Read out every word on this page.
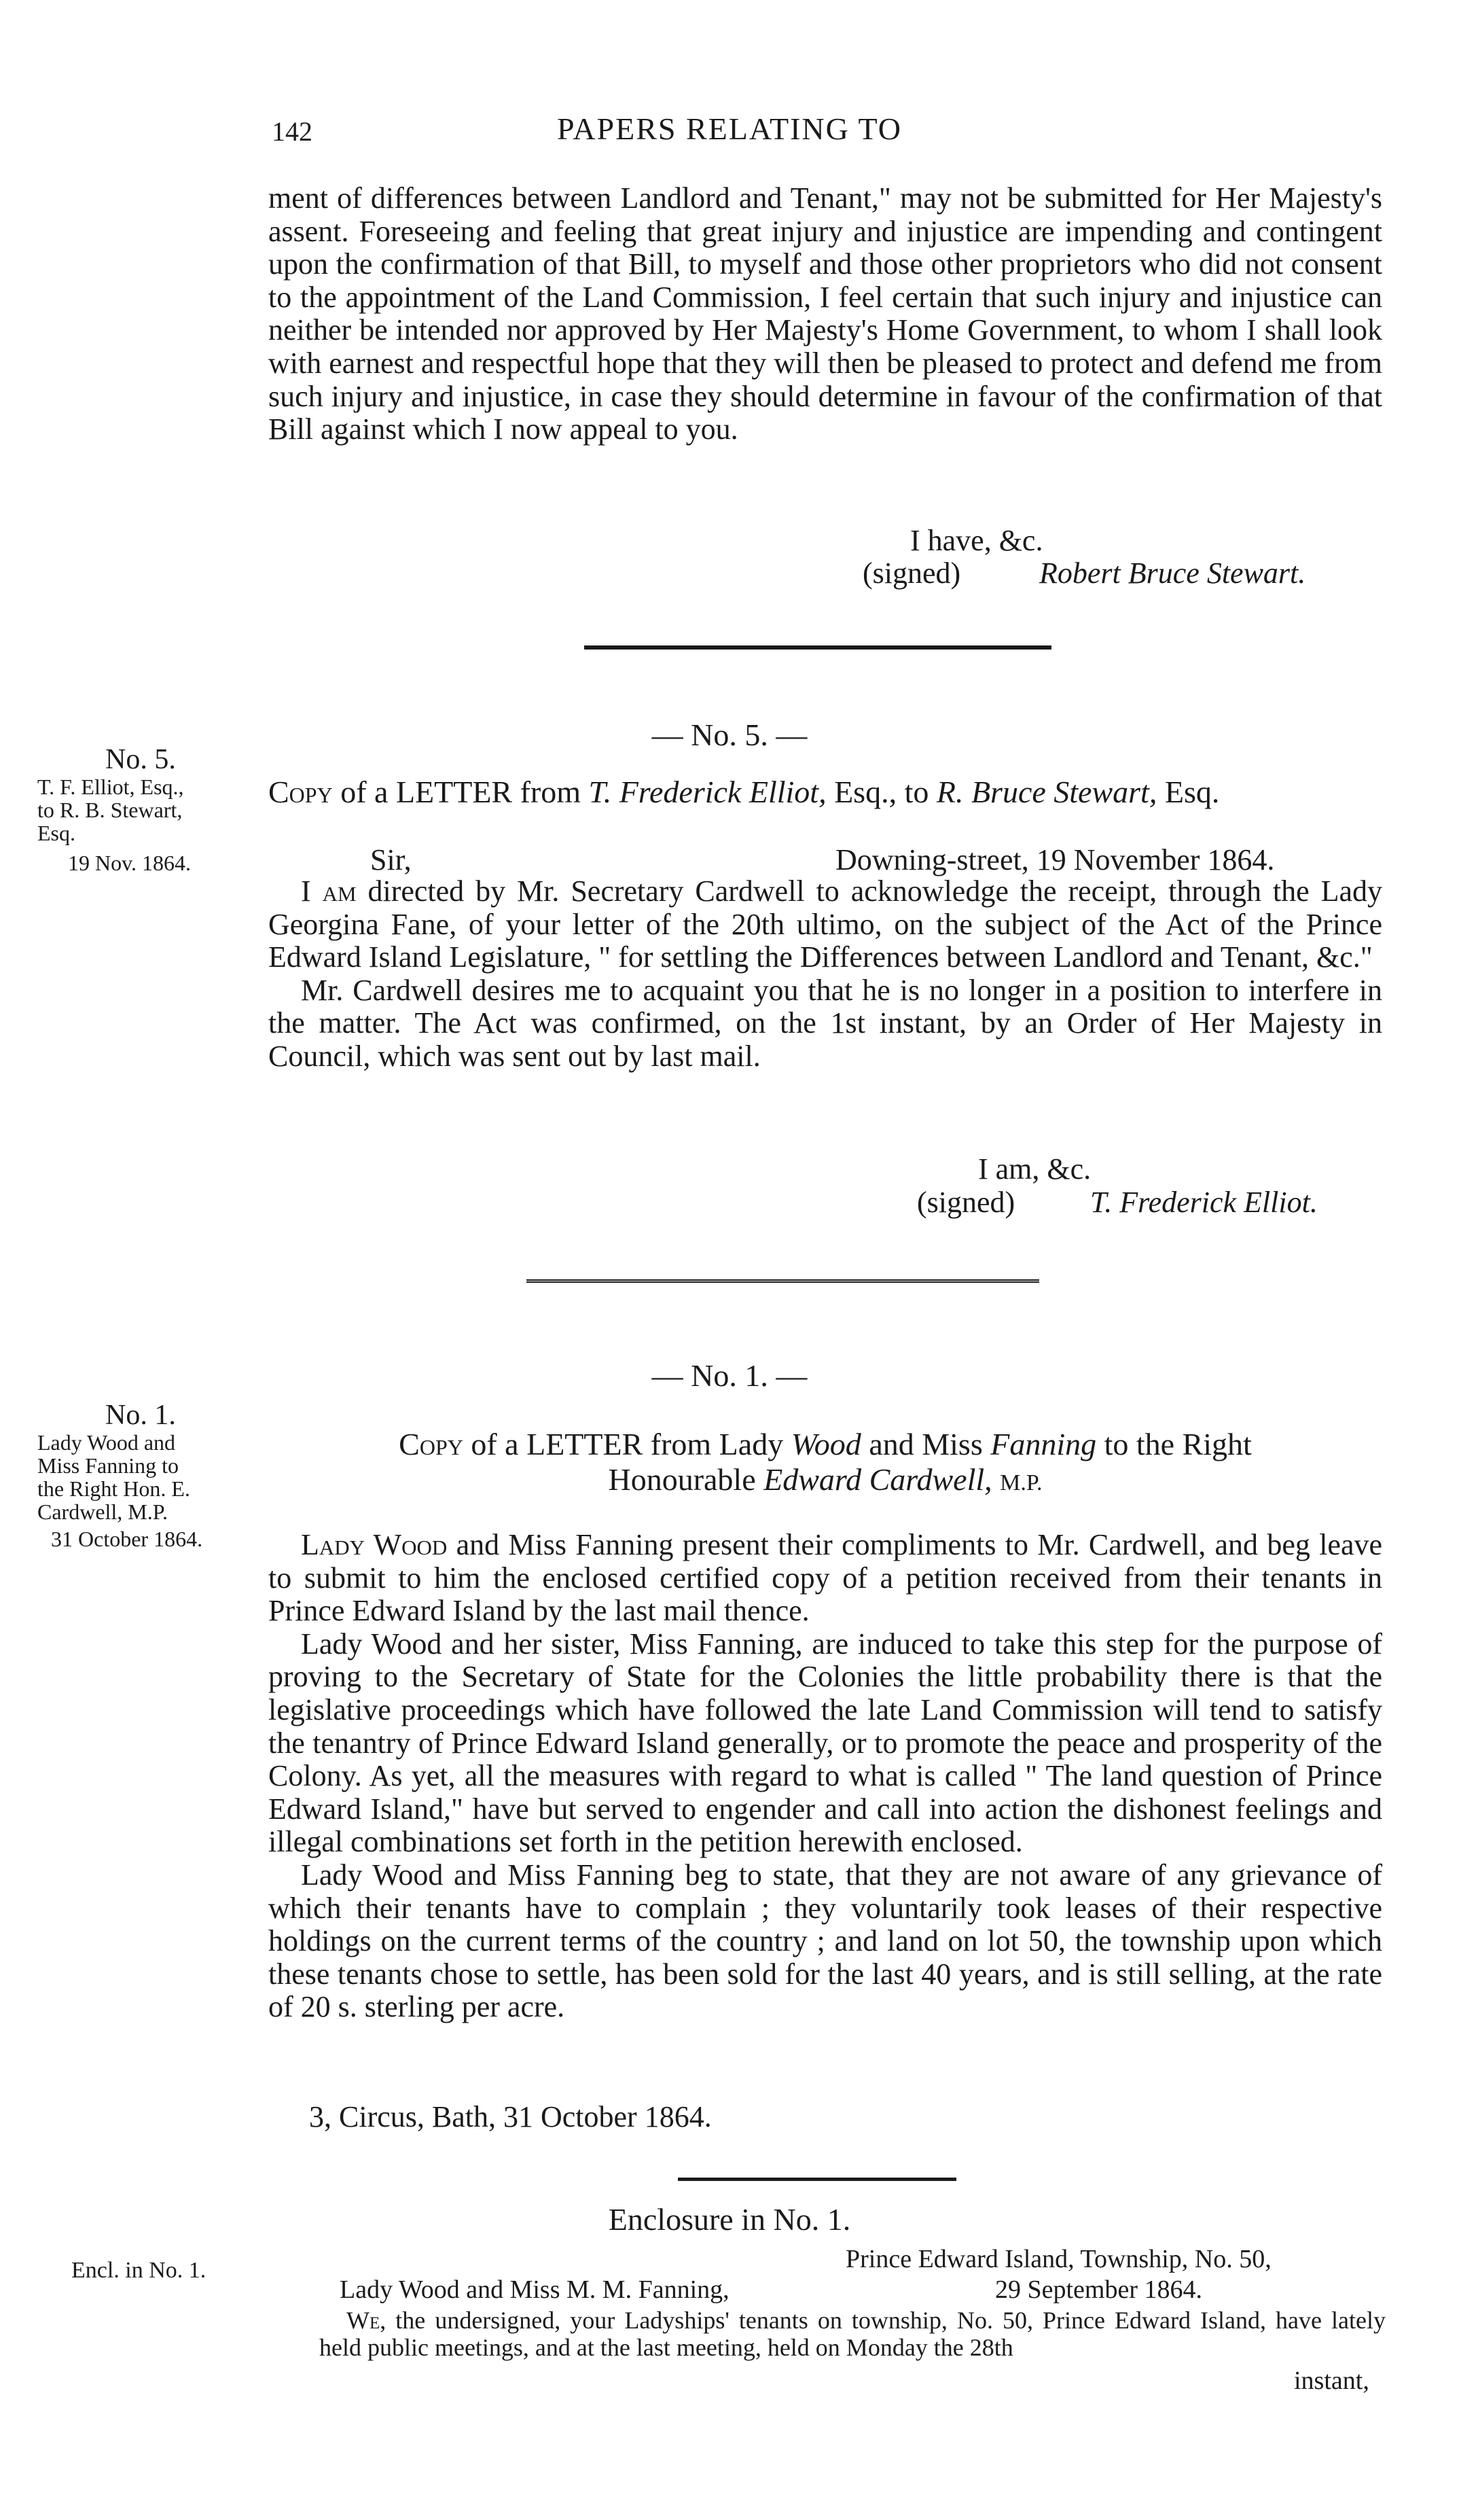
142	PAPERS RELATING TO

ment of differences between Landlord and Tenant," may not be submitted for Her Majesty's assent. Foreseeing and feeling that great injury and injustice are impending and contingent upon the confirmation of that Bill, to myself and those other proprietors who did not consent to the appointment of the Land Commission, I feel certain that such injury and injustice can neither be intended nor approved by Her Majesty's Home Government, to whom I shall look with earnest and respectful hope that they will then be pleased to protect and defend me from such injury and injustice, in case they should determine in favour of the confirmation of that Bill against which I now appeal to you.

I have, &c.
(signed)	Robert Bruce Stewart.
— No. 5. —
No. 5.
T. F. Elliot, Esq.,
to R. B. Stewart,
Esq.
19 Nov. 1864.
Copy of a LETTER from T. Frederick Elliot, Esq., to R. Bruce Stewart, Esq.
Sir,	Downing-street, 19 November 1864.

I am directed by Mr. Secretary Cardwell to acknowledge the receipt, through the Lady Georgina Fane, of your letter of the 20th ultimo, on the subject of the Act of the Prince Edward Island Legislature, " for settling the Differences between Landlord and Tenant, &c."

Mr. Cardwell desires me to acquaint you that he is no longer in a position to interfere in the matter. The Act was confirmed, on the 1st instant, by an Order of Her Majesty in Council, which was sent out by last mail.

I am, &c.
(signed)	T. Frederick Elliot.
— No. 1. —
No. 1.
Lady Wood and
Miss Fanning to
the Right Hon. E.
Cardwell, M.P.
31 October 1864.
Copy of a LETTER from Lady Wood and Miss Fanning to the Right
Honourable Edward Cardwell, M.P.

Lady Wood and Miss Fanning present their compliments to Mr. Cardwell, and beg leave to submit to him the enclosed certified copy of a petition received from their tenants in Prince Edward Island by the last mail thence.

Lady Wood and her sister, Miss Fanning, are induced to take this step for the purpose of proving to the Secretary of State for the Colonies the little probability there is that the legislative proceedings which have followed the late Land Commission will tend to satisfy the tenantry of Prince Edward Island generally, or to promote the peace and prosperity of the Colony. As yet, all the measures with regard to what is called " The land question of Prince Edward Island," have but served to engender and call into action the dishonest feelings and illegal combinations set forth in the petition herewith enclosed.

Lady Wood and Miss Fanning beg to state, that they are not aware of any grievance of which their tenants have to complain ; they voluntarily took leases of their respective holdings on the current terms of the country ; and land on lot 50, the township upon which these tenants chose to settle, has been sold for the last 40 years, and is still selling, at the rate of 20 s. sterling per acre.

3, Circus, Bath, 31 October 1864.
Enclosure in No. 1.
Encl. in No. 1.	Prince Edward Island, Township, No. 50,
Lady Wood and Miss M. M. Fanning,	29 September 1864.

We, the undersigned, your Ladyships' tenants on township, No. 50, Prince Edward Island, have lately held public meetings, and at the last meeting, held on Monday the 28th

instant,
